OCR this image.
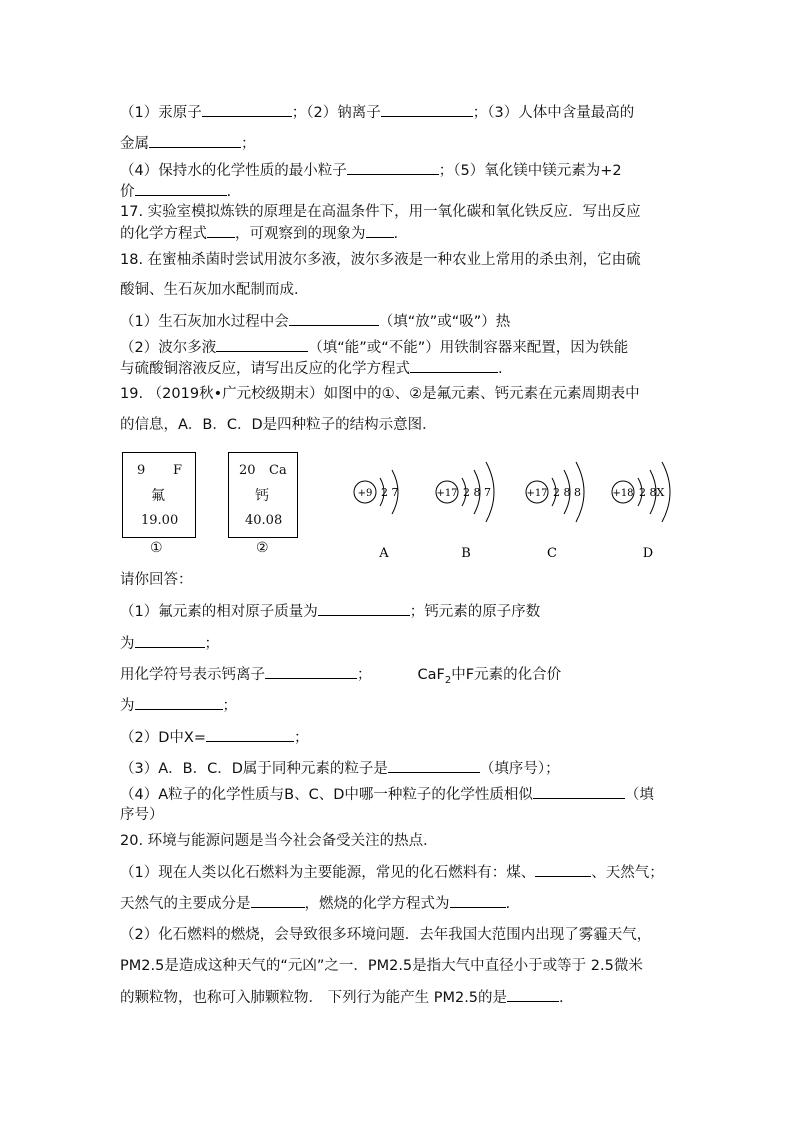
（1）汞原子	；（2）钠离子	；（3）人体中含量最高的
金属	；
（4）保持水的化学性质的最小粒子	；（5）氧化镁中镁元素为+2
价	.
17. 实验室模拟炼铁的原理是在高温条件下，用一氧化碳和氧化铁反应．写出反应
的化学方程式 ，可观察到的现象为 .
18. 在蜜柚杀菌时尝试用波尔多液，波尔多液是一种农业上常用的杀虫剂，它由硫
酸铜、生石灰加水配制而成．
（1）生石灰加水过程中会	（填“放”或“吸”）热
（2）波尔多液	（填“能”或“不能”）用铁制容器来配置，因为铁能
与硫酸铜溶液反应，请写出反应的化学方程式	.
19. （2019秋•广元校级期末）如图中的①、②是氟元素、钙元素在元素周期表中
的信息，A．B．C．D是四种粒子的结构示意图．
9 F
氟
19.00
①
20 Ca
钙
40.08
②
+9 2 7	+17 2 8 7	+17 2 8 8	+18 2 8X
A	B	C	D
请你回答：
（1）氟元素的相对原子质量为	；钙元素的原子序数
为	；
用化学符号表示钙离子	；	CaF$_2$中F元素的化合价
为	；
（2）D中X=	；
（3）A．B．C．D属于同种元素的粒子是	（填序号）；
（4）A粒子的化学性质与B、C、D中哪一种粒子的化学性质相似	（填
序号）
20. 环境与能源问题是当今社会备受关注的热点．
（1）现在人类以化石燃料为主要能源，常见的化石燃料有：煤、	、天然气；
天然气的主要成分是	，燃烧的化学方程式为	.
（2）化石燃料的燃烧，会导致很多环境问题．去年我国大范围内出现了雾霾天气，
PM2.5是造成这种天气的“元凶”之一．PM2.5是指大气中直径小于或等于 2.5微米
的颗粒物，也称可入肺颗粒物． 下列行为能产生 PM2.5的是	.
